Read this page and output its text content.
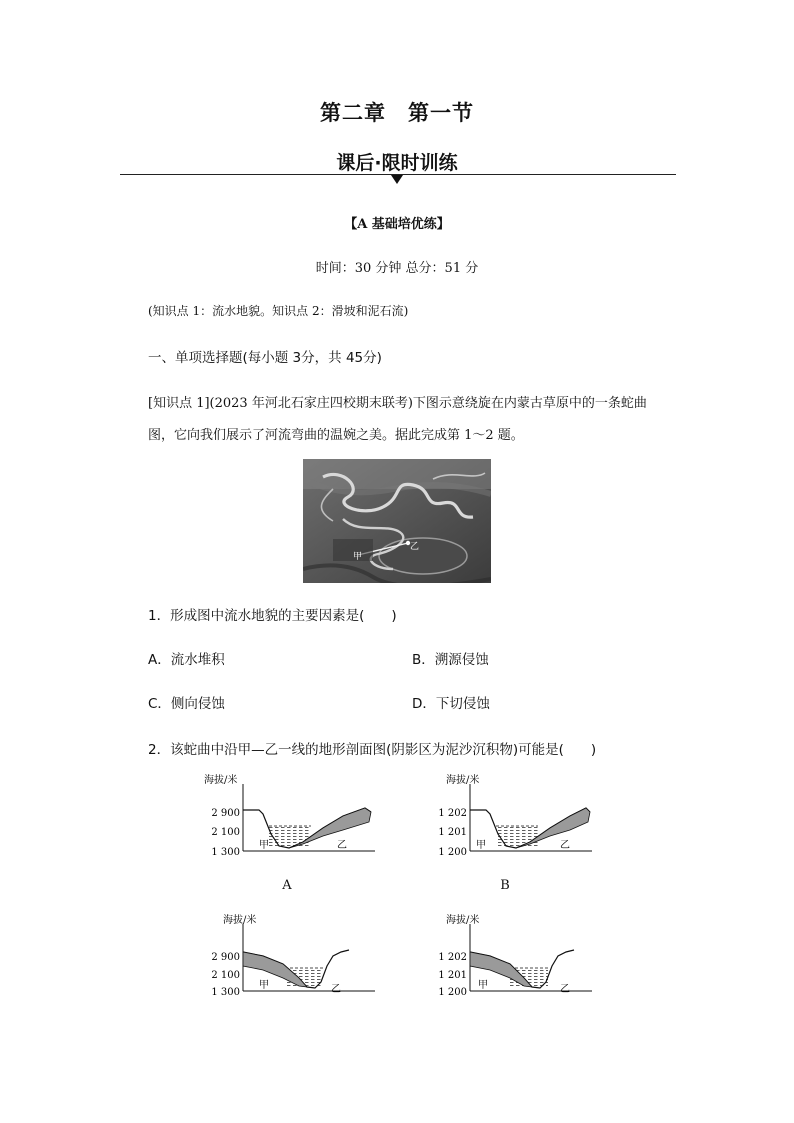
第二章 第一节
课后·限时训练
【A 基础培优练】
时间：30 分钟 总分：51 分
(知识点 1：流水地貌。知识点 2：滑坡和泥石流)
一、单项选择题(每小题 3分，共 45分)
[知识点 1](2023 年河北石家庄四校期末联考)下图示意绕旋在内蒙古草原中的一条蛇曲
图，它向我们展示了河流弯曲的温婉之美。据此完成第 1～2 题。
甲
乙
1．形成图中流水地貌的主要因素是(　　)
A．流水堆积	B．溯源侵蚀
C．侧向侵蚀	D．下切侵蚀
2．该蛇曲中沿甲—乙一线的地形剖面图(阴影区为泥沙沉积物)可能是(　　)
海拔/米
2 900
2 100
1 300
甲	乙
A
海拔/米
1 202
1 201
1 200
甲	乙
B
海拔/米
2 900
2 100
1 300
甲	乙
海拔/米
1 202
1 201
1 200
甲	乙
